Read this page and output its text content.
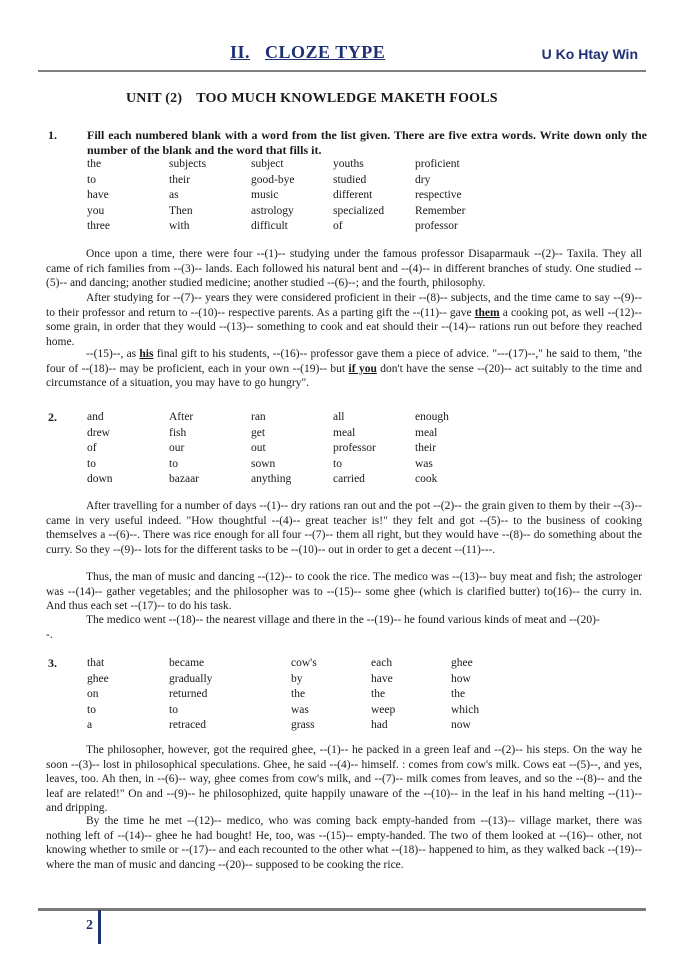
II. CLOZE TYPE	U Ko Htay Win
UNIT (2) TOO MUCH KNOWLEDGE MAKETH FOOLS
1.	Fill each numbered blank with a word from the list given. There are five extra words. Write down only the number of the blank and the word that fills it.
the	subjects	subject	youths	proficient
to	their	good-bye	studied	dry
have	as	music	different	respective
you	Then	astrology	specialized	Remember
three	with	difficult	of	professor

Once upon a time, there were four --(1)-- studying under the famous professor Disaparmauk --(2)-- Taxila. They all came of rich families from --(3)-- lands. Each followed his natural bent and --(4)-- in different branches of study. One studied --(5)-- and dancing; another studied medicine; another studied --(6)--; and the fourth, philosophy.

After studying for --(7)-- years they were considered proficient in their --(8)-- subjects, and the time came to say --(9)-- to their professor and return to --(10)-- respective parents. As a parting gift the --(11)-- gave them a cooking pot, as well --(12)-- some grain, in order that they would --(13)-- something to cook and eat should their --(14)-- rations run out before they reached home.

--(15)--, as his final gift to his students, --(16)-- professor gave them a piece of advice. "---(17)--," he said to them, "the four of --(18)-- may be proficient, each in your own --(19)-- but if you don't have the sense --(20)-- act suitably to the time and circumstance of a situation, you may have to go hungry".

2.	and	After	ran	all	enough
drew	fish	get	meal	meal
of	our	out	professor	their
to	to	sown	to	was
down	bazaar	anything	carried	cook

After travelling for a number of days --(1)-- dry rations ran out and the pot --(2)-- the grain given to them by their --(3)-- came in very useful indeed. "How thoughtful --(4)-- great teacher is!" they felt and got --(5)-- to the business of cooking themselves a --(6)--. There was rice enough for all four --(7)-- them all right, but they would have --(8)-- do something about the curry. So they --(9)-- lots for the different tasks to be --(10)-- out in order to get a decent --(11)---.

Thus, the man of music and dancing --(12)-- to cook the rice. The medico was --(13)-- buy meat and fish; the astrologer was --(14)-- gather vegetables; and the philosopher was to --(15)-- some ghee (which is clarified butter) to(16)-- the curry in. And thus each set --(17)-- to do his task.

The medico went --(18)-- the nearest village and there in the --(19)-- he found various kinds of meat and --(20)-
-.

3.	that	became	cow's	each	ghee
ghee	gradually	by	have	how
on	returned	the	the	the
to	to	was	weep	which
a	retraced	grass	had	now

The philosopher, however, got the required ghee, --(1)-- he packed in a green leaf and --(2)-- his steps. On the way he soon --(3)-- lost in philosophical speculations. Ghee, he said --(4)-- himself. : comes from cow's milk. Cows eat --(5)--, and yes, leaves, too. Ah then, in --(6)-- way, ghee comes from cow's milk, and --(7)-- milk comes from leaves, and so the --(8)-- and the leaf are related!" On and --(9)-- he philosophized, quite happily unaware of the --(10)-- in the leaf in his hand melting --(11)-- and dripping.

By the time he met --(12)-- medico, who was coming back empty-handed from --(13)-- village market, there was nothing left of --(14)-- ghee he had bought! He, too, was --(15)-- empty-handed. The two of them looked at --(16)-- other, not knowing whether to smile or --(17)-- and each recounted to the other what --(18)-- happened to him, as they walked back --(19)-- where the man of music and dancing --(20)-- supposed to be cooking the rice.

2
